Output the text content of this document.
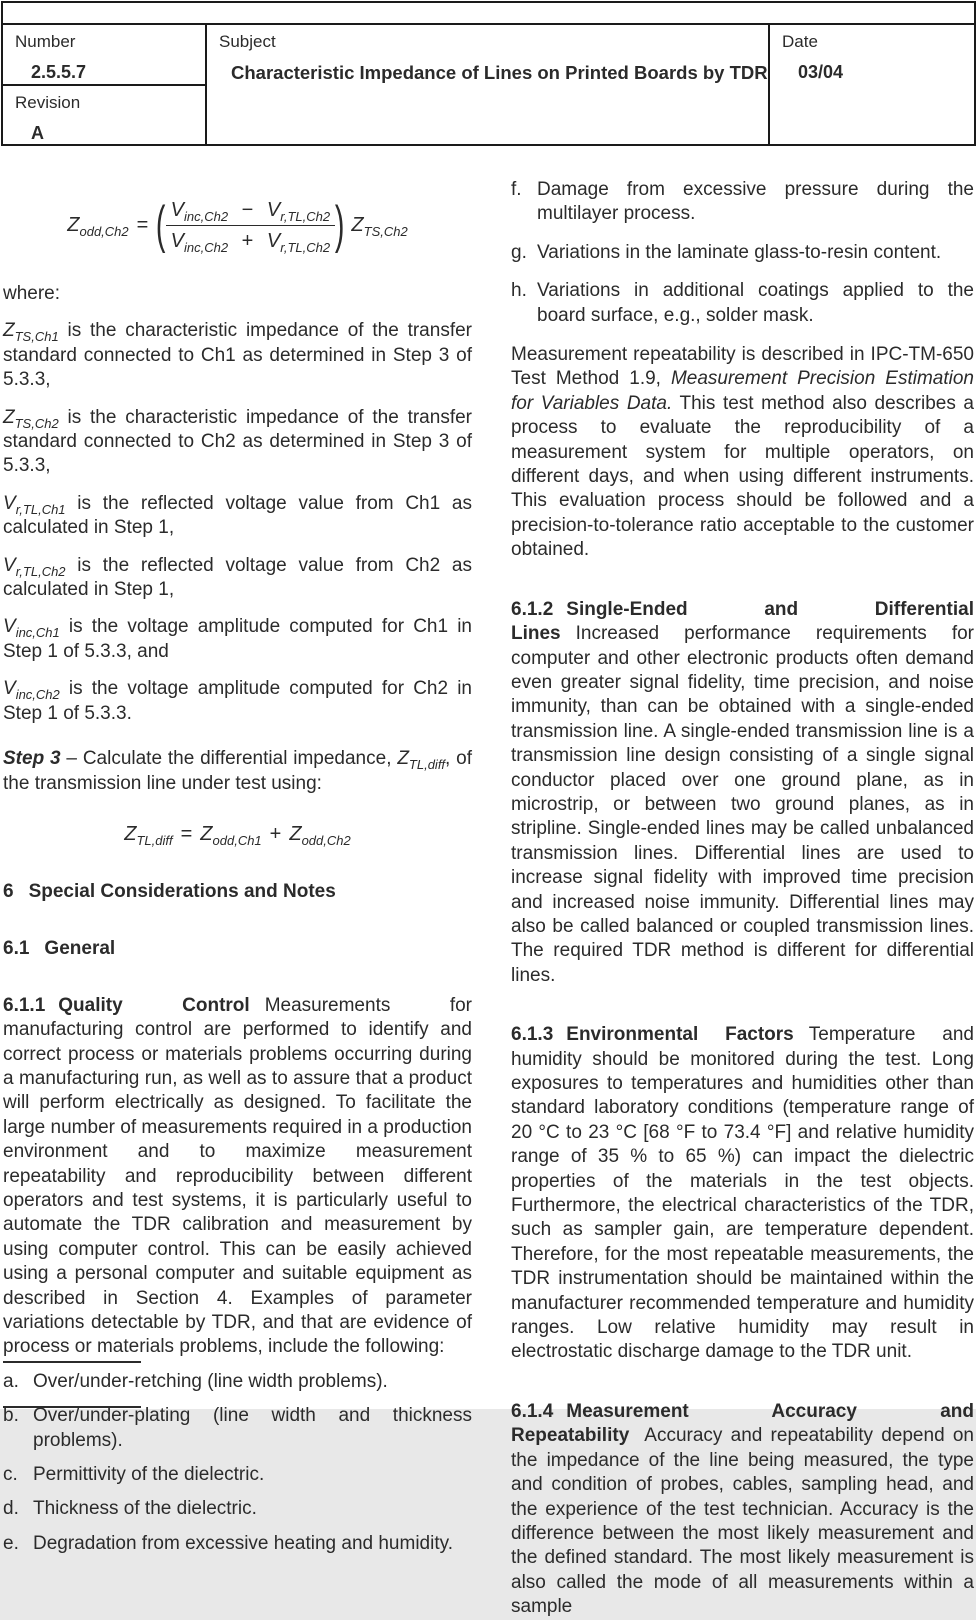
Number
2.5.5.7
Revision
A
Subject
Characteristic Impedance of Lines on Printed Boards by TDR
Date
03/04
$Z_{odd,Ch2}$ = ( $\frac{V_{inc,Ch2} - V_{r,TL,Ch2}}{V_{inc,Ch2} + V_{r,TL,Ch2}}$ ) $Z_{TS,Ch2}$

where:

$Z_{TS,Ch1}$ is the characteristic impedance of the transfer standard connected to Ch1 as determined in Step 3 of 5.3.3,

$Z_{TS,Ch2}$ is the characteristic impedance of the transfer standard connected to Ch2 as determined in Step 3 of 5.3.3,

$V_{r,TL,Ch1}$ is the reflected voltage value from Ch1 as calculated in Step 1,

$V_{r,TL,Ch2}$ is the reflected voltage value from Ch2 as calculated in Step 1,

$V_{inc,Ch1}$ is the voltage amplitude computed for Ch1 in Step 1 of 5.3.3, and

$V_{inc,Ch2}$ is the voltage amplitude computed for Ch2 in Step 1 of 5.3.3.

Step 3 – Calculate the differential impedance, $Z_{TL,diff}$, of the transmission line under test using:

$Z_{TL,diff} = Z_{odd,Ch1} + Z_{odd,Ch2}$

6 Special Considerations and Notes

6.1 General

6.1.1 Quality Control Measurements for manufacturing control are performed to identify and correct process or materials problems occurring during a manufacturing run, as well as to assure that a product will perform electrically as designed. To facilitate the large number of measurements required in a production environment and to maximize measurement repeatability and reproducibility between different operators and test systems, it is particularly useful to automate the TDR calibration and measurement by using computer control. This can be easily achieved using a personal computer and suitable equipment as described in Section 4. Examples of parameter variations detectable by TDR, and that are evidence of process or materials problems, include the following:

a. Over/under-retching (line width problems).
b. Over/under-plating (line width and thickness problems).
c. Permittivity of the dielectric.
d. Thickness of the dielectric.
e. Degradation from excessive heating and humidity.
f. Damage from excessive pressure during the multilayer process.
g. Variations in the laminate glass-to-resin content.
h. Variations in additional coatings applied to the board surface, e.g., solder mask.

Measurement repeatability is described in IPC-TM-650 Test Method 1.9, Measurement Precision Estimation for Variables Data. This test method also describes a process to evaluate the reproducibility of a measurement system for multiple operators, on different days, and when using different instruments. This evaluation process should be followed and a precision-to-tolerance ratio acceptable to the customer obtained.

6.1.2 Single-Ended and Differential Lines Increased performance requirements for computer and other electronic products often demand even greater signal fidelity, time precision, and noise immunity, than can be obtained with a single-ended transmission line. A single-ended transmission line is a transmission line design consisting of a single signal conductor placed over one ground plane, as in microstrip, or between two ground planes, as in stripline. Single-ended lines may be called unbalanced transmission lines. Differential lines are used to increase signal fidelity with improved time precision and increased noise immunity. Differential lines may also be called balanced or coupled transmission lines. The required TDR method is different for differential lines.

6.1.3 Environmental Factors Temperature and humidity should be monitored during the test. Long exposures to temperatures and humidities other than standard laboratory conditions (temperature range of 20 °C to 23 °C [68 °F to 73.4 °F] and relative humidity range of 35 % to 65 %) can impact the dielectric properties of the materials in the test objects. Furthermore, the electrical characteristics of the TDR, such as sampler gain, are temperature dependent. Therefore, for the most repeatable measurements, the TDR instrumentation should be maintained within the manufacturer recommended temperature and humidity ranges. Low relative humidity may result in electrostatic discharge damage to the TDR unit.

6.1.4 Measurement Accuracy and Repeatability Accuracy and repeatability depend on the impedance of the line being measured, the type and condition of probes, cables, sampling head, and the experience of the test technician. Accuracy is the difference between the most likely measurement and the defined standard. The most likely measurement is also called the mode of all measurements within a sample
